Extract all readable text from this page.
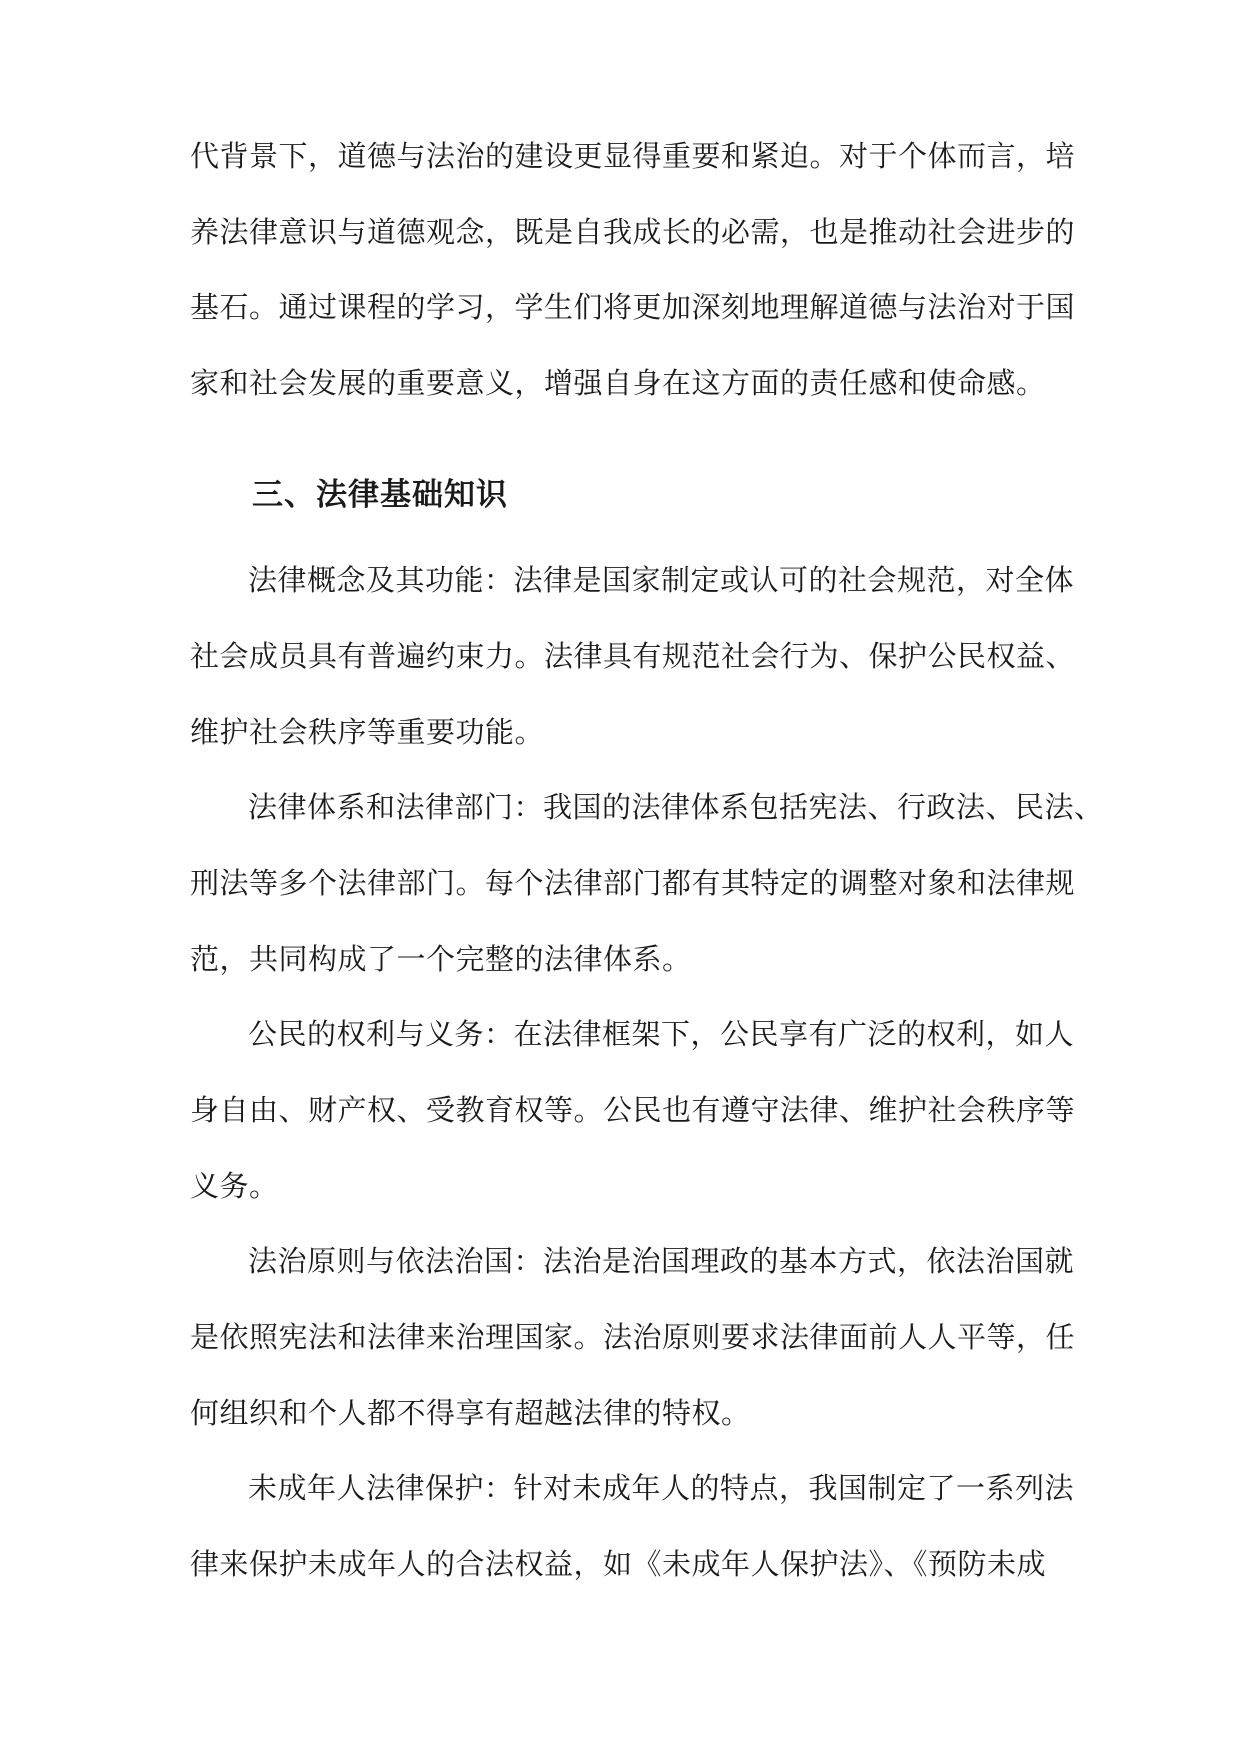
代背景下，道德与法治的建设更显得重要和紧迫。对于个体而言，培
养法律意识与道德观念，既是自我成长的必需，也是推动社会进步的
基石。通过课程的学习，学生们将更加深刻地理解道德与法治对于国
家和社会发展的重要意义，增强自身在这方面的责任感和使命感。
三、法律基础知识
法律概念及其功能：法律是国家制定或认可的社会规范，对全体
社会成员具有普遍约束力。法律具有规范社会行为、保护公民权益、
维护社会秩序等重要功能。
法律体系和法律部门：我国的法律体系包括宪法、行政法、民法、
刑法等多个法律部门。每个法律部门都有其特定的调整对象和法律规
范，共同构成了一个完整的法律体系。
公民的权利与义务：在法律框架下，公民享有广泛的权利，如人
身自由、财产权、受教育权等。公民也有遵守法律、维护社会秩序等
义务。
法治原则与依法治国：法治是治国理政的基本方式，依法治国就
是依照宪法和法律来治理国家。法治原则要求法律面前人人平等，任
何组织和个人都不得享有超越法律的特权。
未成年人法律保护：针对未成年人的特点，我国制定了一系列法
律来保护未成年人的合法权益，如《未成年人保护法》、《预防未成
